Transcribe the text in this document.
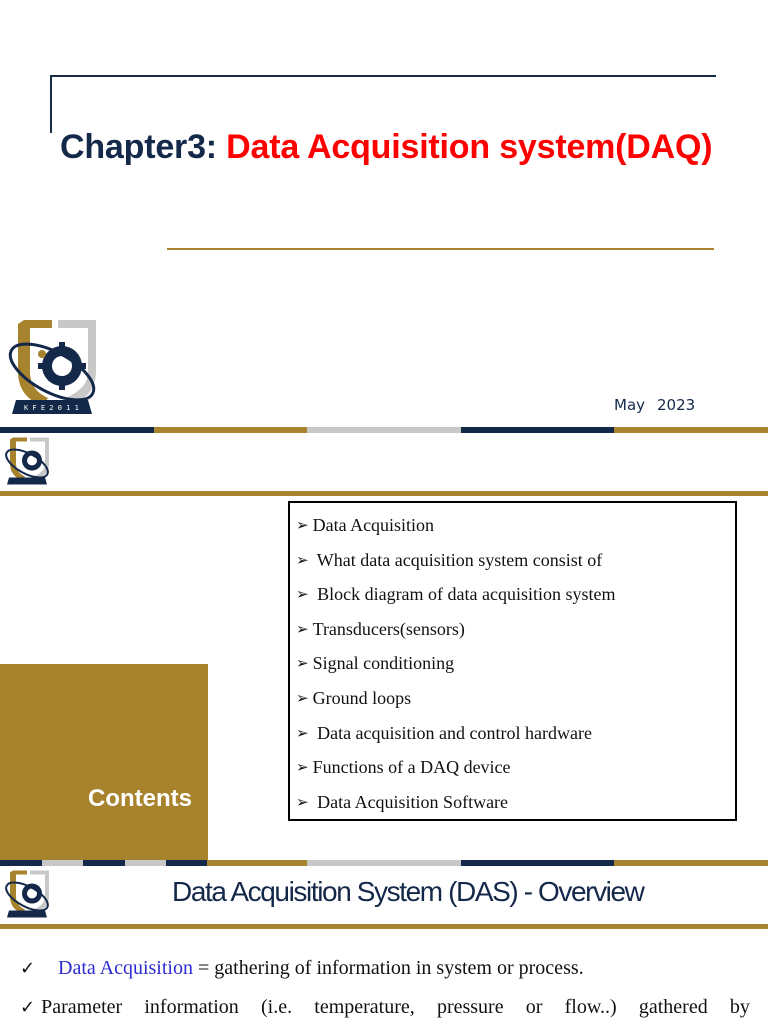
Chapter3: Data Acquisition system(DAQ)
K F E 2 0 1 1	May 2023
➢ Data Acquisition
➢ What data acquisition system consist of
➢ Block diagram of data acquisition system
➢ Transducers(sensors)
➢ Signal conditioning
➢ Ground loops
➢ Data acquisition and control hardware
➢ Functions of a DAQ device
➢ Data Acquisition Software
Contents
Data Acquisition System (DAS) - Overview
✓ Data Acquisition = gathering of information in system or process.
✓ Parameter information (i.e. temperature, pressure or flow..) gathered by
